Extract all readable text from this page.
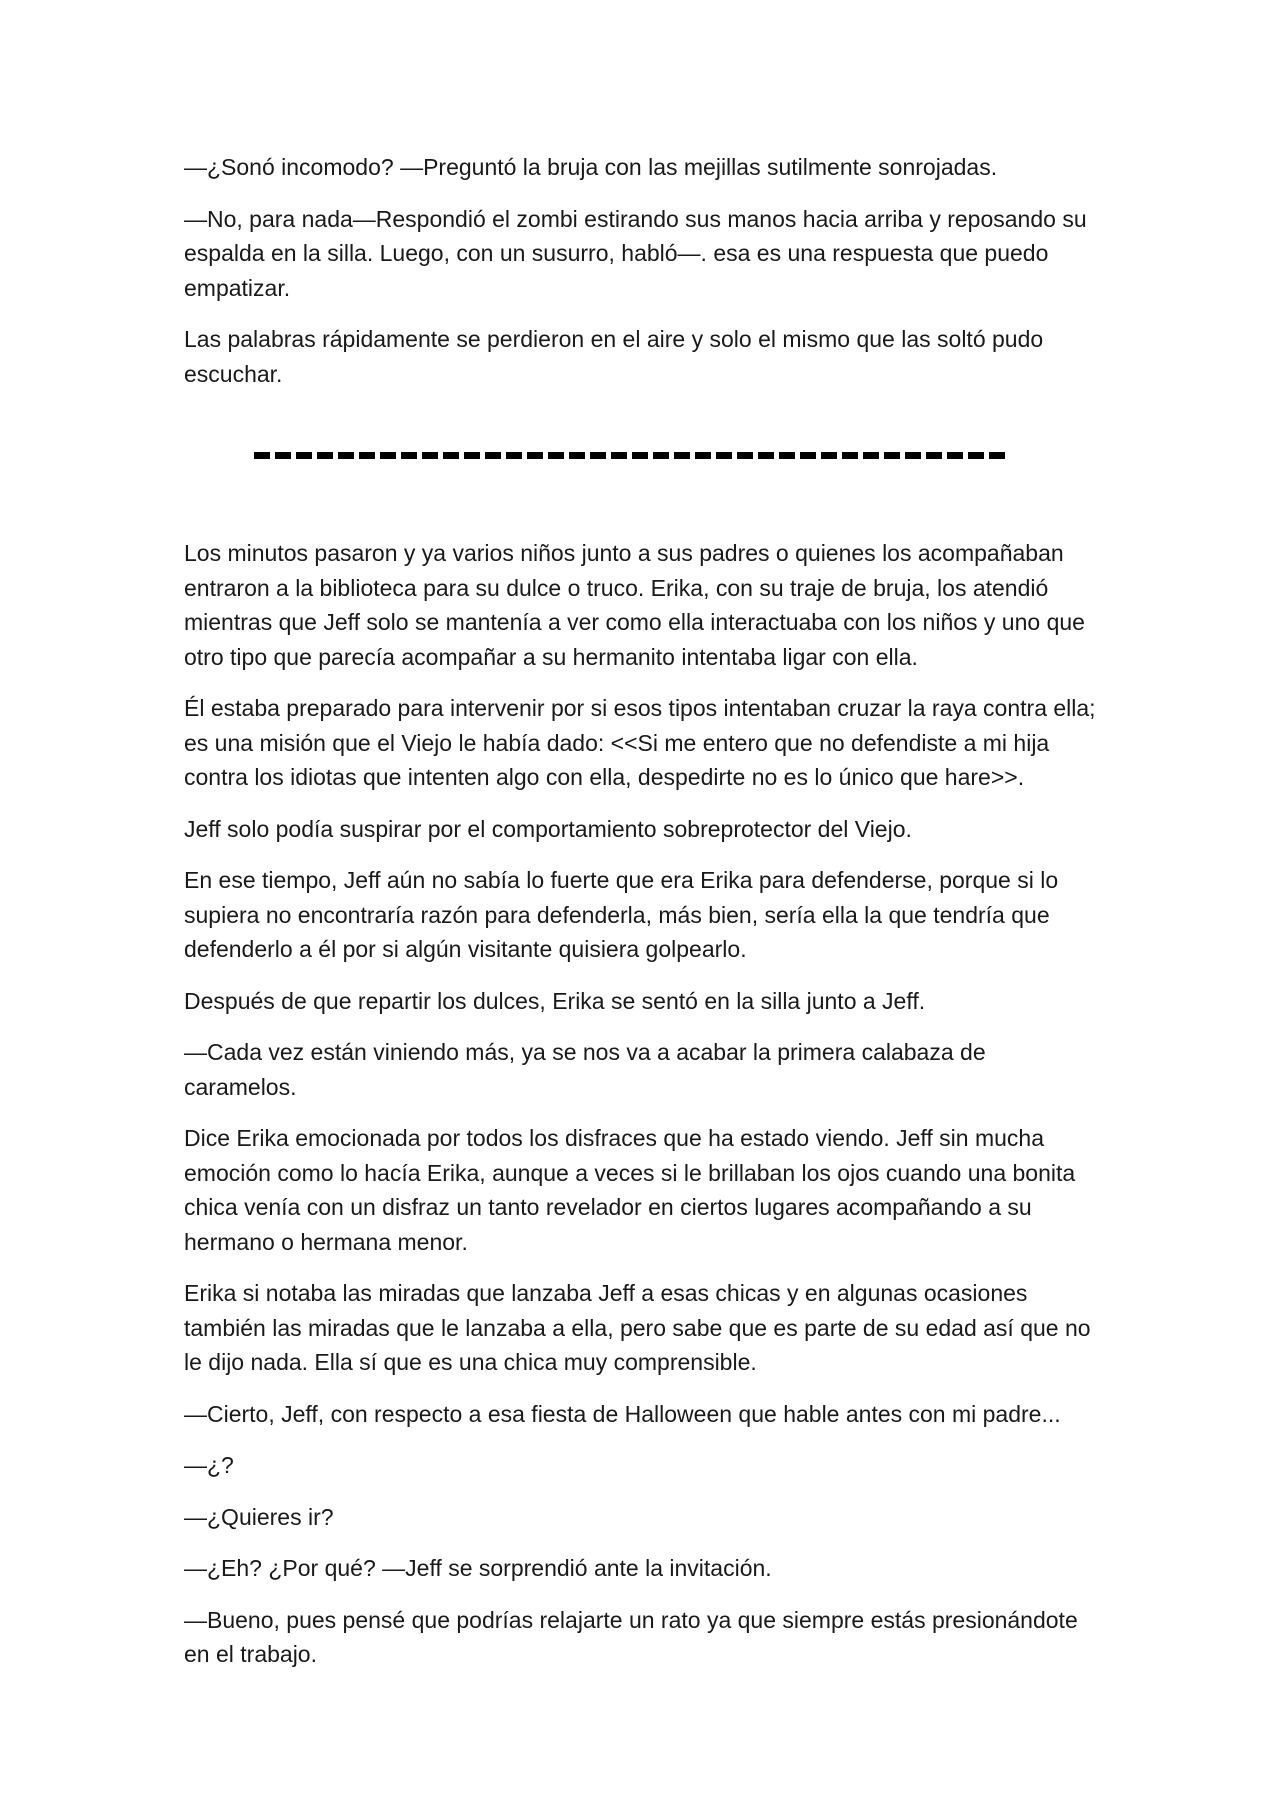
—¿Sonó incomodo? —Preguntó la bruja con las mejillas sutilmente sonrojadas.

—No, para nada—Respondió el zombi estirando sus manos hacia arriba y reposando su espalda en la silla. Luego, con un susurro, habló—. esa es una respuesta que puedo empatizar.

Las palabras rápidamente se perdieron en el aire y solo el mismo que las soltó pudo escuchar.

Los minutos pasaron y ya varios niños junto a sus padres o quienes los acompañaban entraron a la biblioteca para su dulce o truco. Erika, con su traje de bruja, los atendió mientras que Jeff solo se mantenía a ver como ella interactuaba con los niños y uno que otro tipo que parecía acompañar a su hermanito intentaba ligar con ella.

Él estaba preparado para intervenir por si esos tipos intentaban cruzar la raya contra ella; es una misión que el Viejo le había dado: <<Si me entero que no defendiste a mi hija contra los idiotas que intenten algo con ella, despedirte no es lo único que hare>>.

Jeff solo podía suspirar por el comportamiento sobreprotector del Viejo.

En ese tiempo, Jeff aún no sabía lo fuerte que era Erika para defenderse, porque si lo supiera no encontraría razón para defenderla, más bien, sería ella la que tendría que defenderlo a él por si algún visitante quisiera golpearlo.

Después de que repartir los dulces, Erika se sentó en la silla junto a Jeff.

—Cada vez están viniendo más, ya se nos va a acabar la primera calabaza de caramelos.

Dice Erika emocionada por todos los disfraces que ha estado viendo. Jeff sin mucha emoción como lo hacía Erika, aunque a veces si le brillaban los ojos cuando una bonita chica venía con un disfraz un tanto revelador en ciertos lugares acompañando a su hermano o hermana menor.

Erika si notaba las miradas que lanzaba Jeff a esas chicas y en algunas ocasiones también las miradas que le lanzaba a ella, pero sabe que es parte de su edad así que no le dijo nada. Ella sí que es una chica muy comprensible.

—Cierto, Jeff, con respecto a esa fiesta de Halloween que hable antes con mi padre...

—¿?

—¿Quieres ir?

—¿Eh? ¿Por qué? —Jeff se sorprendió ante la invitación.

—Bueno, pues pensé que podrías relajarte un rato ya que siempre estás presionándote en el trabajo.
